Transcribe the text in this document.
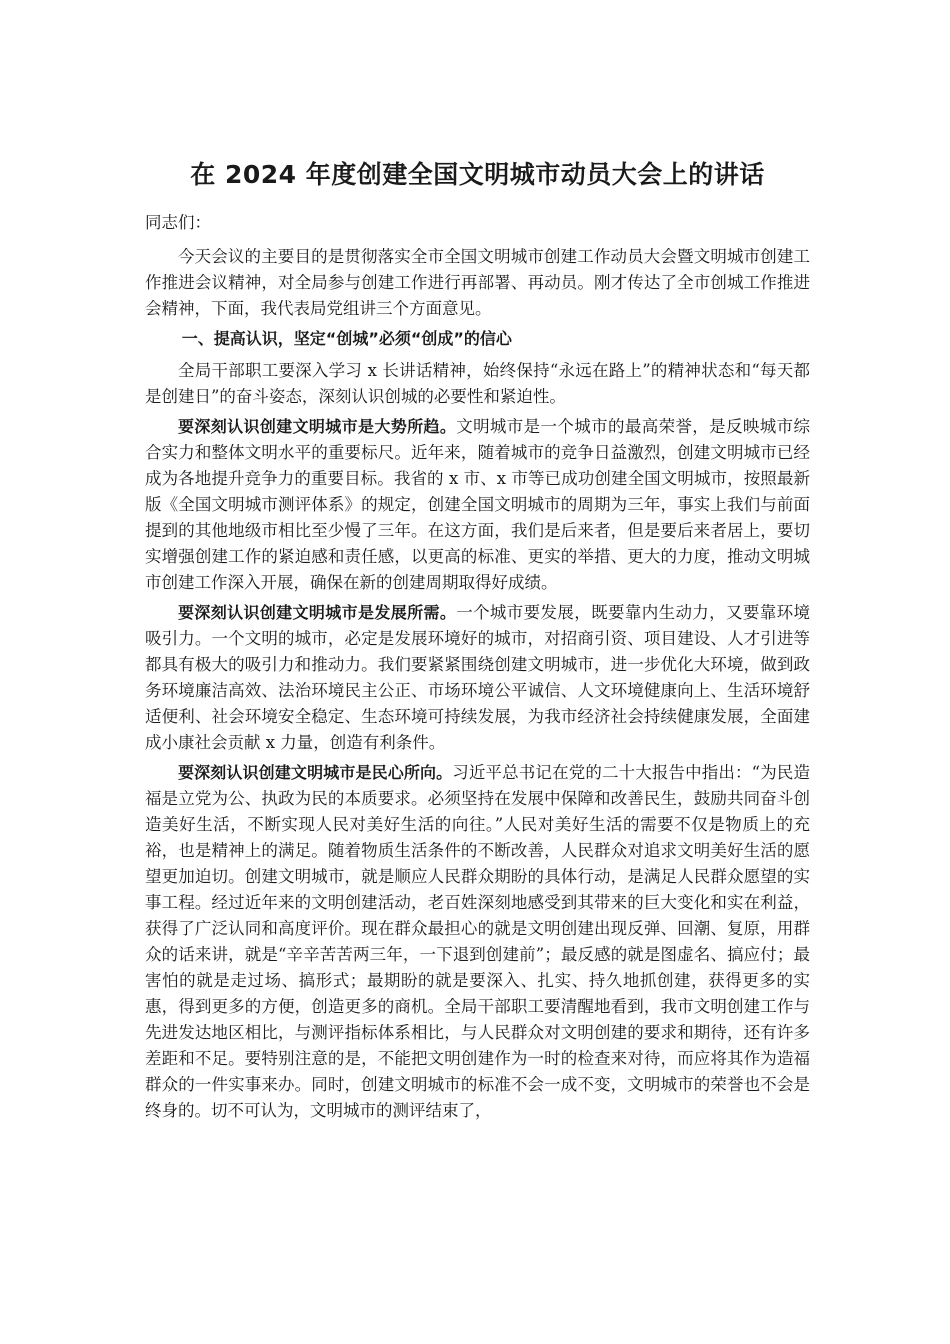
在 2024 年度创建全国文明城市动员大会上的讲话

同志们：

今天会议的主要目的是贯彻落实全市全国文明城市创建工作动员大会暨文明城市创建工作推进会议精神，对全局参与创建工作进行再部署、再动员。刚才传达了全市创城工作推进会精神，下面，我代表局党组讲三个方面意见。

一、提高认识，坚定“创城”必须“创成”的信心

全局干部职工要深入学习 x 长讲话精神，始终保持“永远在路上”的精神状态和“每天都是创建日”的奋斗姿态，深刻认识创城的必要性和紧迫性。

要深刻认识创建文明城市是大势所趋。文明城市是一个城市的最高荣誉，是反映城市综合实力和整体文明水平的重要标尺。近年来，随着城市的竞争日益激烈，创建文明城市已经成为各地提升竞争力的重要目标。我省的 x 市、x 市等已成功创建全国文明城市，按照最新版《全国文明城市测评体系》的规定，创建全国文明城市的周期为三年，事实上我们与前面提到的其他地级市相比至少慢了三年。在这方面，我们是后来者，但是要后来者居上，要切实增强创建工作的紧迫感和责任感，以更高的标准、更实的举措、更大的力度，推动文明城市创建工作深入开展，确保在新的创建周期取得好成绩。

要深刻认识创建文明城市是发展所需。一个城市要发展，既要靠内生动力，又要靠环境吸引力。一个文明的城市，必定是发展环境好的城市，对招商引资、项目建设、人才引进等都具有极大的吸引力和推动力。我们要紧紧围绕创建文明城市，进一步优化大环境，做到政务环境廉洁高效、法治环境民主公正、市场环境公平诚信、人文环境健康向上、生活环境舒适便利、社会环境安全稳定、生态环境可持续发展，为我市经济社会持续健康发展，全面建成小康社会贡献 x 力量，创造有利条件。

要深刻认识创建文明城市是民心所向。习近平总书记在党的二十大报告中指出：“为民造福是立党为公、执政为民的本质要求。必须坚持在发展中保障和改善民生，鼓励共同奋斗创造美好生活，不断实现人民对美好生活的向往。”人民对美好生活的需要不仅是物质上的充裕，也是精神上的满足。随着物质生活条件的不断改善，人民群众对追求文明美好生活的愿望更加迫切。创建文明城市，就是顺应人民群众期盼的具体行动，是满足人民群众愿望的实事工程。经过近年来的文明创建活动，老百姓深刻地感受到其带来的巨大变化和实在利益，获得了广泛认同和高度评价。现在群众最担心的就是文明创建出现反弹、回潮、复原，用群众的话来讲，就是“辛辛苦苦两三年，一下退到创建前”；最反感的就是图虚名、搞应付；最害怕的就是走过场、搞形式；最期盼的就是要深入、扎实、持久地抓创建，获得更多的实惠，得到更多的方便，创造更多的商机。全局干部职工要清醒地看到，我市文明创建工作与先进发达地区相比，与测评指标体系相比，与人民群众对文明创建的要求和期待，还有许多差距和不足。要特别注意的是，不能把文明创建作为一时的检查来对待，而应将其作为造福群众的一件实事来办。同时，创建文明城市的标准不会一成不变，文明城市的荣誉也不会是终身的。切不可认为，文明城市的测评结束了，
